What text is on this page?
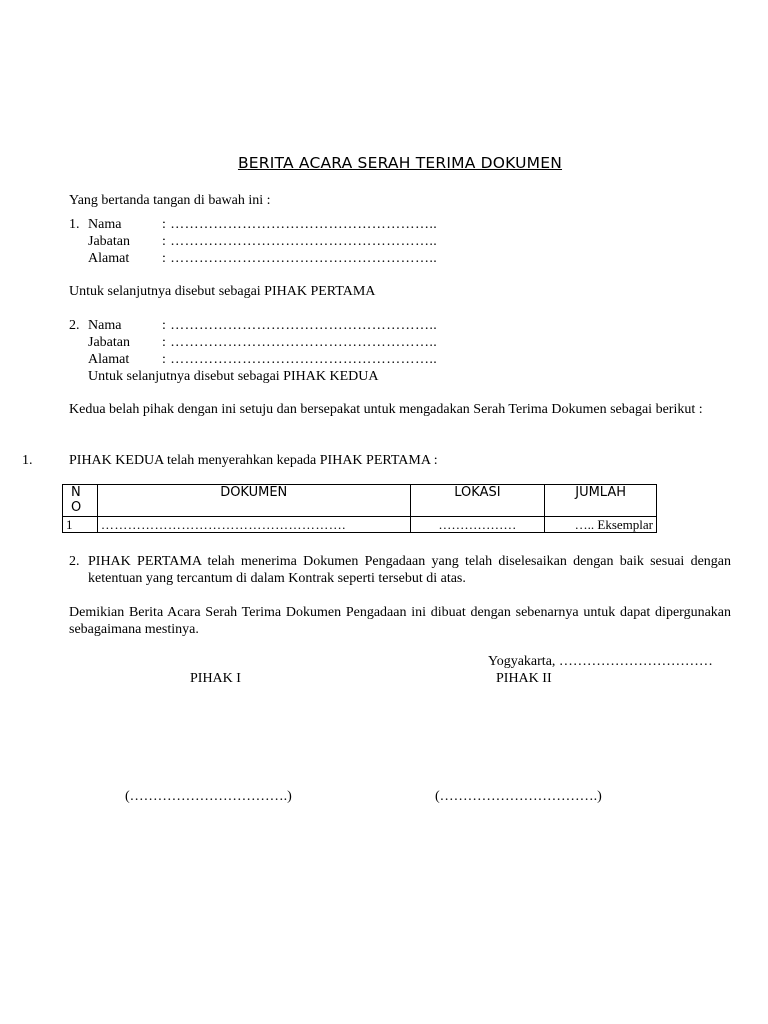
BERITA ACARA SERAH TERIMA DOKUMEN
Yang bertanda tangan di bawah ini :
1. Nama	: ………………………………………………..
Jabatan : ………………………………………………..
Alamat : ………………………………………………..
Untuk selanjutnya disebut sebagai PIHAK PERTAMA
2. Nama	: ………………………………………………..
Jabatan : ………………………………………………..
Alamat : ………………………………………………..
Untuk selanjutnya disebut sebagai PIHAK KEDUA
Kedua belah pihak dengan ini setuju dan bersepakat untuk mengadakan Serah Terima Dokumen sebagai berikut :
1.	PIHAK KEDUA telah menyerahkan kepada PIHAK PERTAMA :
N
O	DOKUMEN	LOKASI	JUMLAH
1	……………………………………………….	………………	….. Eksemplar
2. PIHAK PERTAMA telah menerima Dokumen Pengadaan yang telah diselesaikan dengan baik sesuai dengan ketentuan yang tercantum di dalam Kontrak seperti tersebut di atas.
Demikian Berita Acara Serah Terima Dokumen Pengadaan ini dibuat dengan sebenarnya untuk dapat dipergunakan sebagaimana mestinya.
Yogyakarta, ……………………………
PIHAK I	PIHAK II
(…………………………….)	(…………………………….)
